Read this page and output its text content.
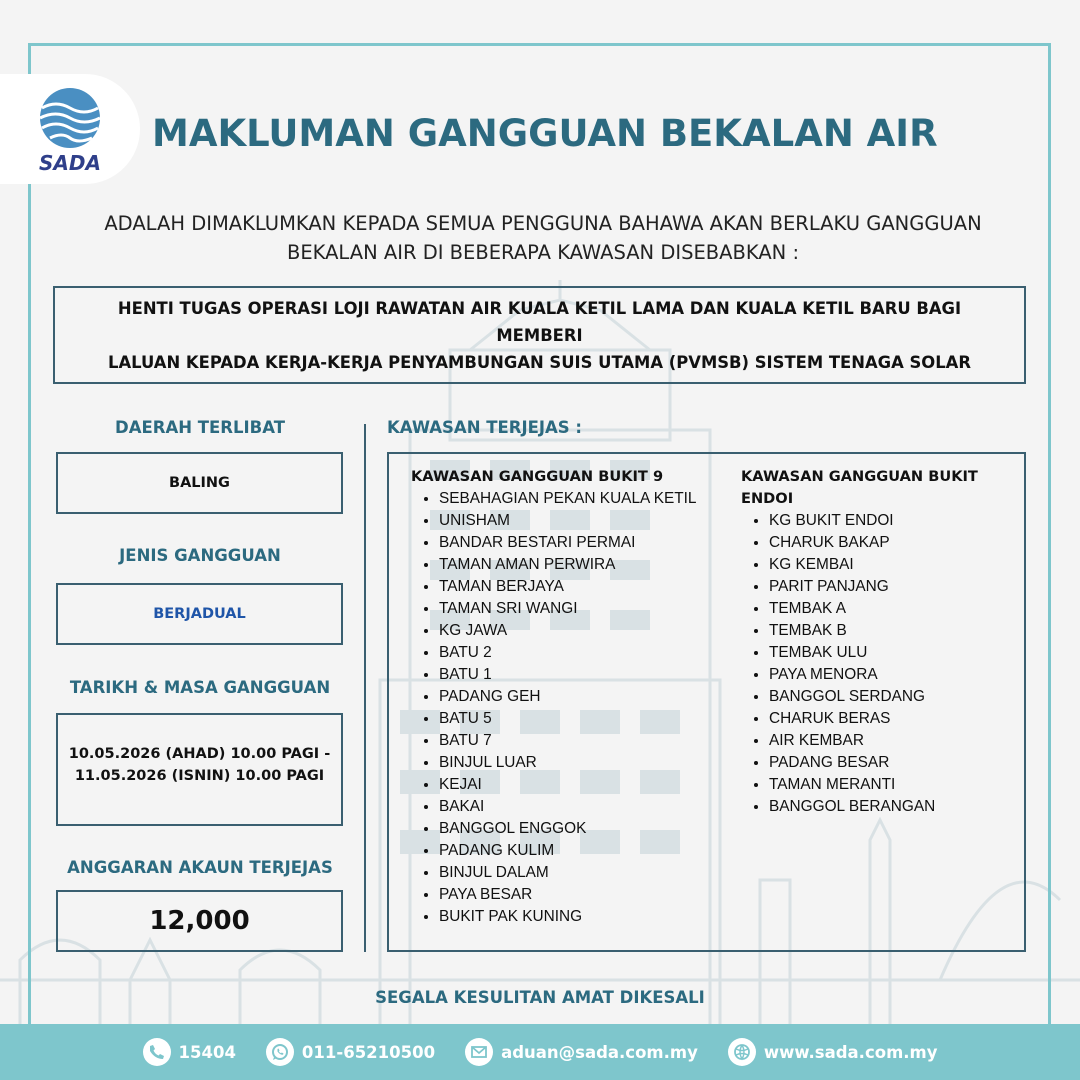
SADA
MAKLUMAN GANGGUAN BEKALAN AIR
ADALAH DIMAKLUMKAN KEPADA SEMUA PENGGUNA BAHAWA AKAN BERLAKU GANGGUAN
BEKALAN AIR DI BEBERAPA KAWASAN DISEBABKAN :
HENTI TUGAS OPERASI LOJI RAWATAN AIR KUALA KETIL LAMA DAN KUALA KETIL BARU BAGI MEMBERI
LALUAN KEPADA KERJA-KERJA PENYAMBUNGAN SUIS UTAMA (PVMSB) SISTEM TENAGA SOLAR
DAERAH TERLIBAT
BALING
JENIS GANGGUAN
BERJADUAL
TARIKH & MASA GANGGUAN
10.05.2026 (AHAD) 10.00 PAGI -
11.05.2026 (ISNIN) 10.00 PAGI
ANGGARAN AKAUN TERJEJAS
12,000
KAWASAN TERJEJAS :
KAWASAN GANGGUAN BUKIT 9
• SEBAHAGIAN PEKAN KUALA KETIL
• UNISHAM
• BANDAR BESTARI PERMAI
• TAMAN AMAN PERWIRA
• TAMAN BERJAYA
• TAMAN SRI WANGI
• KG JAWA
• BATU 2
• BATU 1
• PADANG GEH
• BATU 5
• BATU 7
• BINJUL LUAR
• KEJAI
• BAKAI
• BANGGOL ENGGOK
• PADANG KULIM
• BINJUL DALAM
• PAYA BESAR
• BUKIT PAK KUNING
KAWASAN GANGGUAN BUKIT
ENDOI
• KG BUKIT ENDOI
• CHARUK BAKAP
• KG KEMBAI
• PARIT PANJANG
• TEMBAK A
• TEMBAK B
• TEMBAK ULU
• PAYA MENORA
• BANGGOL SERDANG
• CHARUK BERAS
• AIR KEMBAR
• PADANG BESAR
• TAMAN MERANTI
• BANGGOL BERANGAN
SEGALA KESULITAN AMAT DIKESALI
15404	011-65210500	aduan@sada.com.my	www.sada.com.my
